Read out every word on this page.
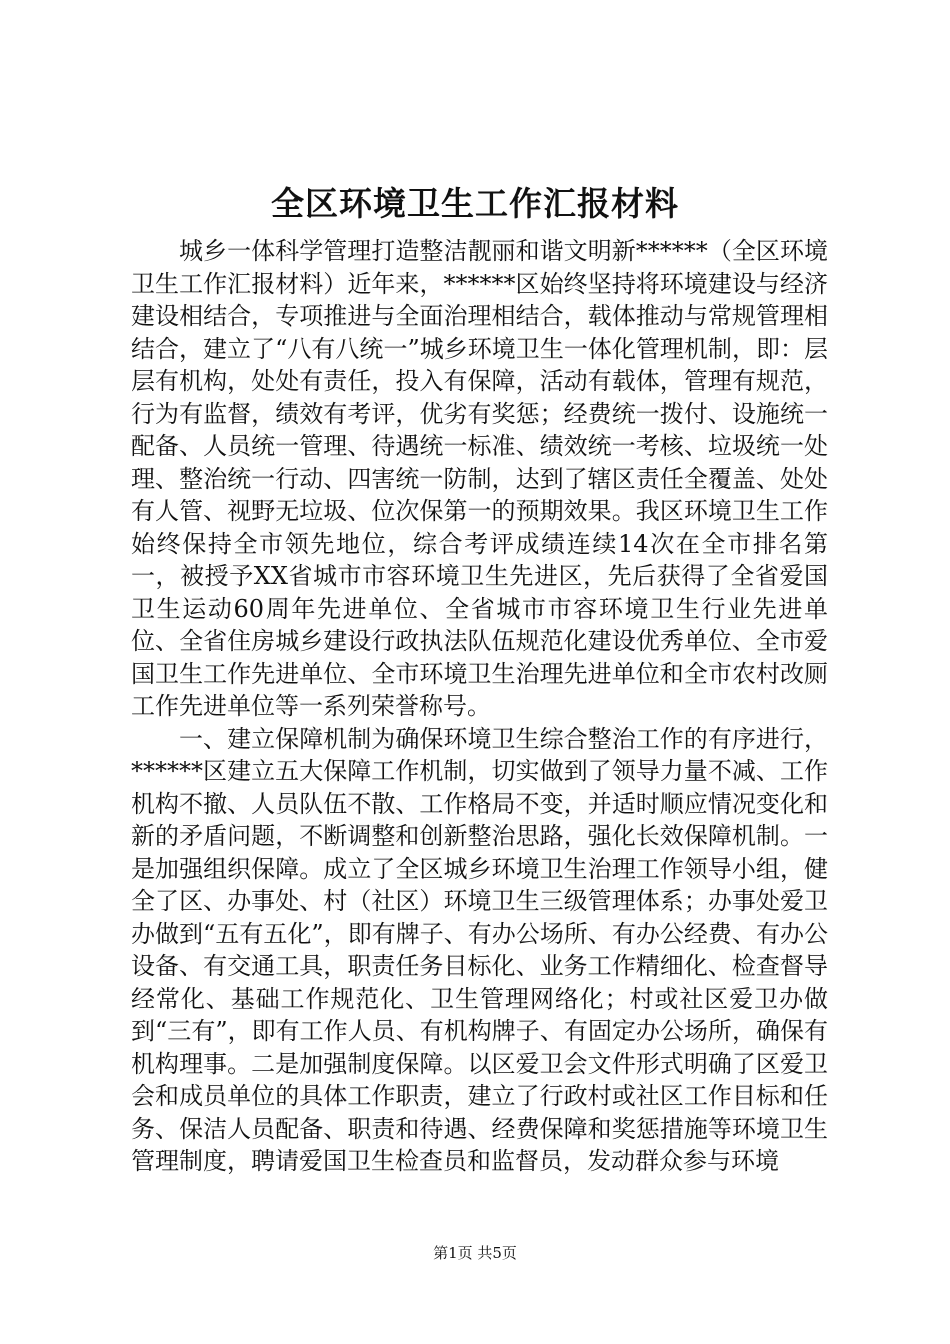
全区环境卫生工作汇报材料

城乡一体科学管理打造整洁靓丽和谐文明新******（全区环境卫生工作汇报材料）近年来，******区始终坚持将环境建设与经济建设相结合，专项推进与全面治理相结合，载体推动与常规管理相结合，建立了“八有八统一”城乡环境卫生一体化管理机制，即：层层有机构，处处有责任，投入有保障，活动有载体，管理有规范，行为有监督，绩效有考评，优劣有奖惩；经费统一拨付、设施统一配备、人员统一管理、待遇统一标准、绩效统一考核、垃圾统一处理、整治统一行动、四害统一防制，达到了辖区责任全覆盖、处处有人管、视野无垃圾、位次保第一的预期效果。我区环境卫生工作始终保持全市领先地位，综合考评成绩连续14次在全市排名第一，被授予XX省城市市容环境卫生先进区，先后获得了全省爱国卫生运动60周年先进单位、全省城市市容环境卫生行业先进单位、全省住房城乡建设行政执法队伍规范化建设优秀单位、全市爱国卫生工作先进单位、全市环境卫生治理先进单位和全市农村改厕工作先进单位等一系列荣誉称号。

一、建立保障机制为确保环境卫生综合整治工作的有序进行，******区建立五大保障工作机制，切实做到了领导力量不减、工作机构不撤、人员队伍不散、工作格局不变，并适时顺应情况变化和新的矛盾问题，不断调整和创新整治思路，强化长效保障机制。一是加强组织保障。成立了全区城乡环境卫生治理工作领导小组，健全了区、办事处、村（社区）环境卫生三级管理体系；办事处爱卫办做到“五有五化”，即有牌子、有办公场所、有办公经费、有办公设备、有交通工具，职责任务目标化、业务工作精细化、检查督导经常化、基础工作规范化、卫生管理网络化；村或社区爱卫办做到“三有”，即有工作人员、有机构牌子、有固定办公场所，确保有机构理事。二是加强制度保障。以区爱卫会文件形式明确了区爱卫会和成员单位的具体工作职责，建立了行政村或社区工作目标和任务、保洁人员配备、职责和待遇、经费保障和奖惩措施等环境卫生管理制度，聘请爱国卫生检查员和监督员，发动群众参与环境

第1页 共5页
